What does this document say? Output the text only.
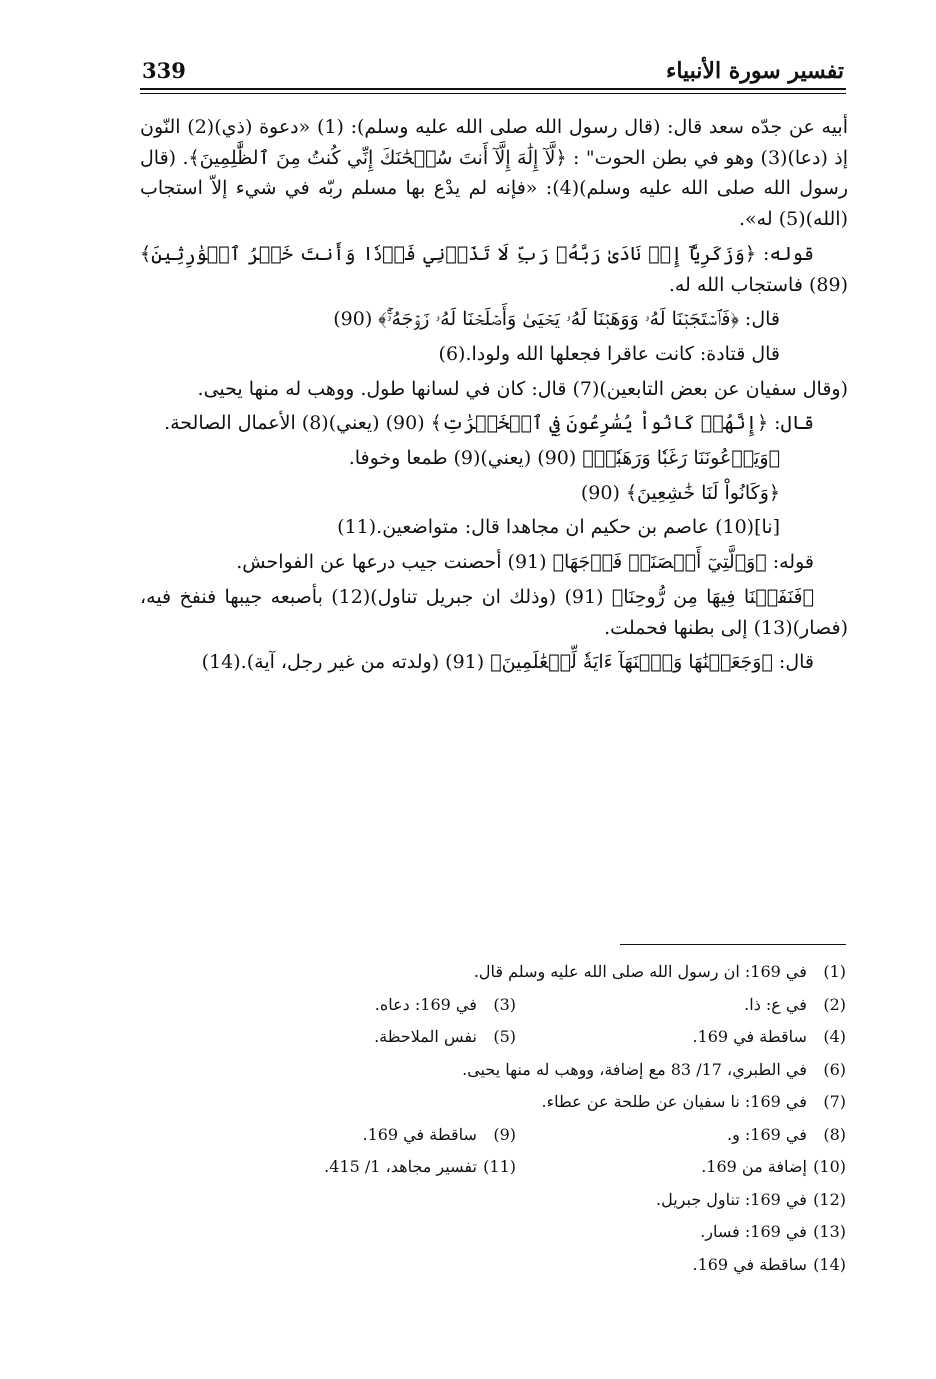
339	تفسير سورة الأنبياء

أبيه عن جدّه سعد قال: (قال رسول الله صلى الله عليه وسلم): (1) «دعوة (ذي)(2) النّون إذ (دعا)(3) وهو في بطن الحوت" : ﴿لَّآ إِلَٰهَ إِلَّآ أَنتَ سُبۡحَٰنَكَ إِنِّي كُنتُ مِنَ ٱلظَّٰلِمِينَ﴾. (قال رسول الله صلى الله عليه وسلم)(4): «فإنه لم يدْع بها مسلم ربّه في شيء إلاّ استجاب (الله)(5) له».

قوله: ﴿وَزَكَرِيَّآ إِذۡ نَادَىٰ رَبَّهُۥ رَبِّ لَا تَذَرۡنِي فَرۡدٗا وَأَنتَ خَيۡرُ ٱلۡوَٰرِثِينَ﴾ (89) فاستجاب الله له.

قال: ﴿فَٱسۡتَجَبۡنَا لَهُۥ وَوَهَبۡنَا لَهُۥ يَحۡيَىٰ وَأَصۡلَحۡنَا لَهُۥ زَوۡجَهُۥٓۚ﴾ (90)

قال قتادة: كانت عاقرا فجعلها الله ولودا.(6)

(وقال سفيان عن بعض التابعين)(7) قال: كان في لسانها طول. ووهب له منها يحيى.

قال: ﴿إِنَّهُمۡ كَانُواْ يُسَٰرِعُونَ فِي ٱلۡخَيۡرَٰتِ﴾ (90) (يعني)(8) الأعمال الصالحة.

﴿وَيَدۡعُونَنَا رَغَبٗا وَرَهَبٗاۖ﴾ (90) (يعني)(9) طمعا وخوفا.

﴿وَكَانُواْ لَنَا خَٰشِعِينَ﴾ (90)

[نا](10) عاصم بن حكيم ان مجاهدا قال: متواضعين.(11)

قوله: ﴿وَٱلَّتِيٓ أَحۡصَنَتۡ فَرۡجَهَا﴾ (91) أحصنت جيب درعها عن الفواحش.

﴿فَنَفَخۡنَا فِيهَا مِن رُّوحِنَا﴾ (91) (وذلك ان جبريل تناول)(12) بأصبعه جيبها فنفخ فيه، (فصار)(13) إلى بطنها فحملت.

قال: ﴿وَجَعَلۡنَٰهَا وَٱبۡنَهَآ ءَايَةٗ لِّلۡعَٰلَمِينَ﴾ (91) (ولدته من غير رجل، آية).(14)

(1) في 169: ان رسول الله صلى الله عليه وسلم قال.
(2) في ع: ذا.
(3) في 169: دعاه.
(4) ساقطة في 169.
(5) نفس الملاحظة.
(6) في الطبري، 17/ 83 مع إضافة، ووهب له منها يحيى.
(7) في 169: نا سفيان عن طلحة عن عطاء.
(8) في 169: و.
(9) ساقطة في 169.
(10) إضافة من 169.
(11) تفسير مجاهد، 1/ 415.
(12) في 169: تناول جبريل.
(13) في 169: فسار.
(14) ساقطة في 169.
